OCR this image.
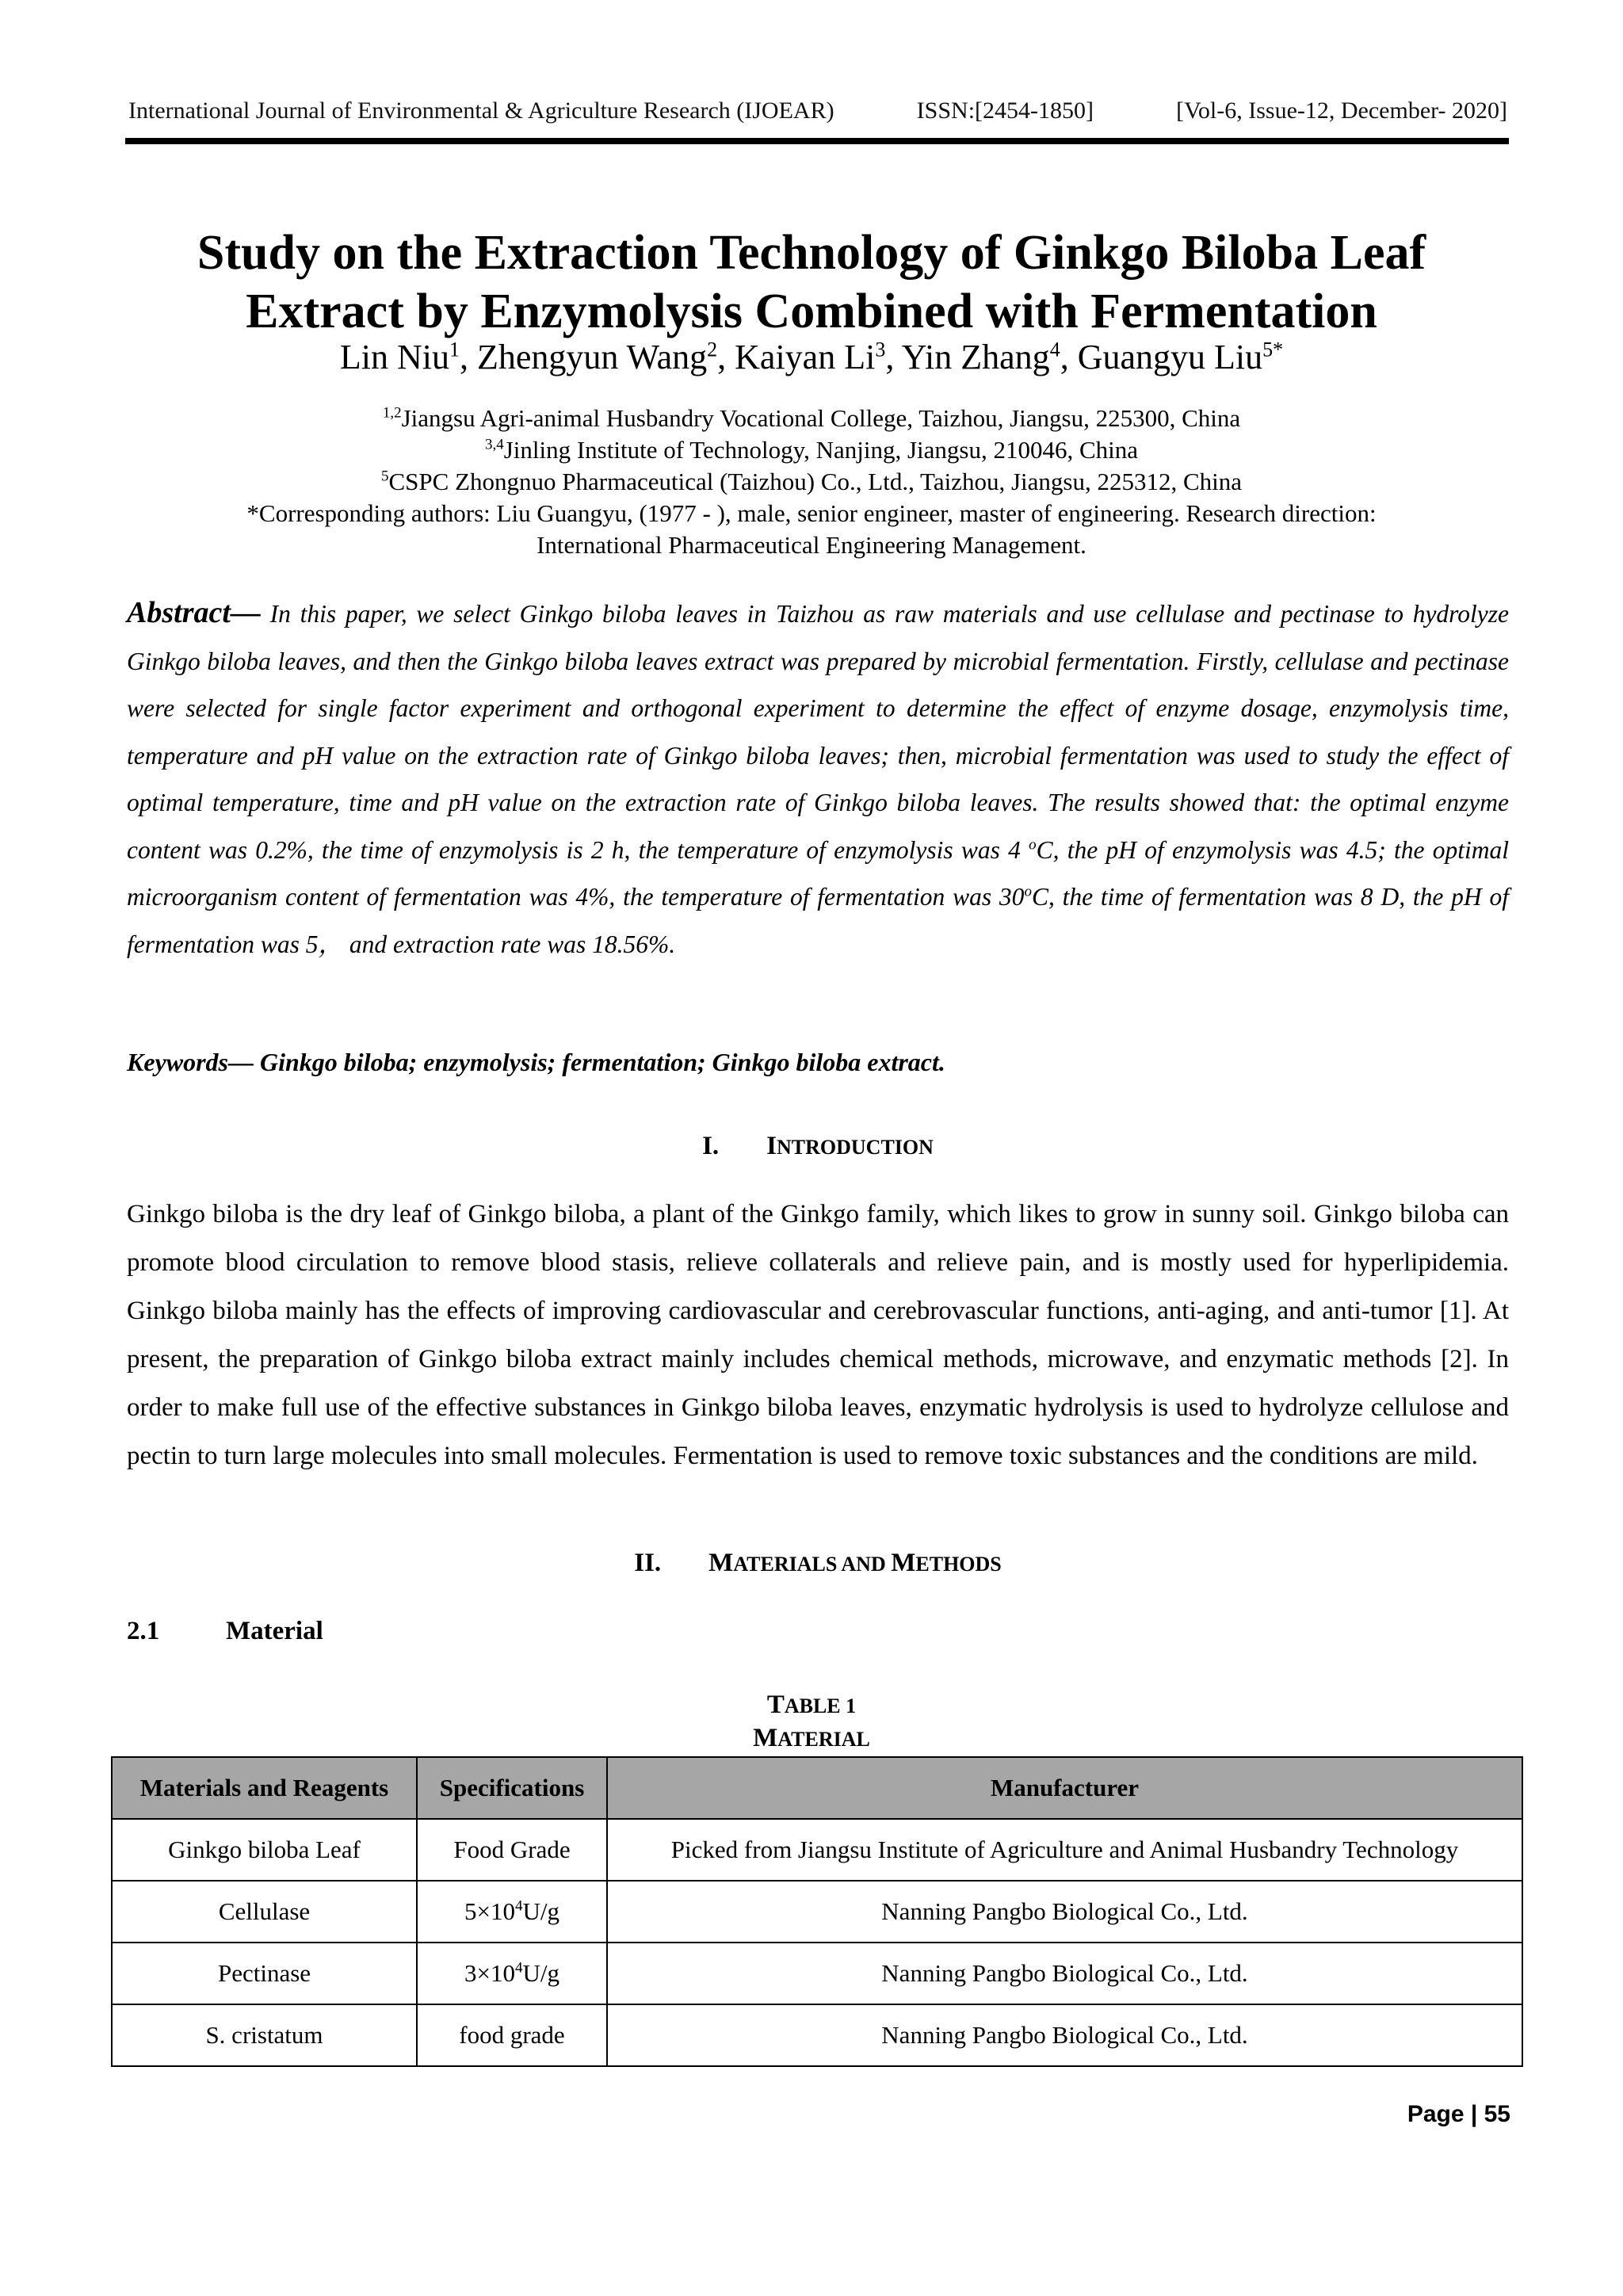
International Journal of Environmental & Agriculture Research (IJOEAR)	ISSN:[2454-1850]	[Vol-6, Issue-12, December- 2020]
Study on the Extraction Technology of Ginkgo Biloba Leaf
Extract by Enzymolysis Combined with Fermentation
Lin Niu$^1$, Zhengyun Wang$^2$, Kaiyan Li$^3$, Yin Zhang$^4$, Guangyu Liu$^{5*}$
$^{1,2}$Jiangsu Agri-animal Husbandry Vocational College, Taizhou, Jiangsu, 225300, China
$^{3,4}$Jinling Institute of Technology, Nanjing, Jiangsu, 210046, China
$^5$CSPC Zhongnuo Pharmaceutical (Taizhou) Co., Ltd., Taizhou, Jiangsu, 225312, China
*Corresponding authors: Liu Guangyu, (1977 - ), male, senior engineer, master of engineering. Research direction:
International Pharmaceutical Engineering Management.
Abstract— In this paper, we select Ginkgo biloba leaves in Taizhou as raw materials and use cellulase and pectinase to hydrolyze Ginkgo biloba leaves, and then the Ginkgo biloba leaves extract was prepared by microbial fermentation. Firstly, cellulase and pectinase were selected for single factor experiment and orthogonal experiment to determine the effect of enzyme dosage, enzymolysis time, temperature and pH value on the extraction rate of Ginkgo biloba leaves; then, microbial fermentation was used to study the effect of optimal temperature, time and pH value on the extraction rate of Ginkgo biloba leaves. The results showed that: the optimal enzyme content was 0.2%, the time of enzymolysis is 2 h, the temperature of enzymolysis was 4 $^o$C, the pH of enzymolysis was 4.5; the optimal microorganism content of fermentation was 4%, the temperature of fermentation was 30$^o$C, the time of fermentation was 8 D, the pH of fermentation was 5， and extraction rate was 18.56%.
Keywords— Ginkgo biloba; enzymolysis; fermentation; Ginkgo biloba extract.
I. INTRODUCTION
Ginkgo biloba is the dry leaf of Ginkgo biloba, a plant of the Ginkgo family, which likes to grow in sunny soil. Ginkgo biloba can promote blood circulation to remove blood stasis, relieve collaterals and relieve pain, and is mostly used for hyperlipidemia. Ginkgo biloba mainly has the effects of improving cardiovascular and cerebrovascular functions, anti-aging, and anti-tumor [1]. At present, the preparation of Ginkgo biloba extract mainly includes chemical methods, microwave, and enzymatic methods [2]. In order to make full use of the effective substances in Ginkgo biloba leaves, enzymatic hydrolysis is used to hydrolyze cellulose and pectin to turn large molecules into small molecules. Fermentation is used to remove toxic substances and the conditions are mild.
II. MATERIALS AND METHODS
2.1	Material
TABLE 1
MATERIAL
Materials and Reagents	Specifications	Manufacturer
Ginkgo biloba Leaf	Food Grade	Picked from Jiangsu Institute of Agriculture and Animal Husbandry Technology
Cellulase	$5\times 10^4U/g$	Nanning Pangbo Biological Co., Ltd.
Pectinase	$3\times 10^4U/g$	Nanning Pangbo Biological Co., Ltd.
S. cristatum	food grade	Nanning Pangbo Biological Co., Ltd.
Page | 55
